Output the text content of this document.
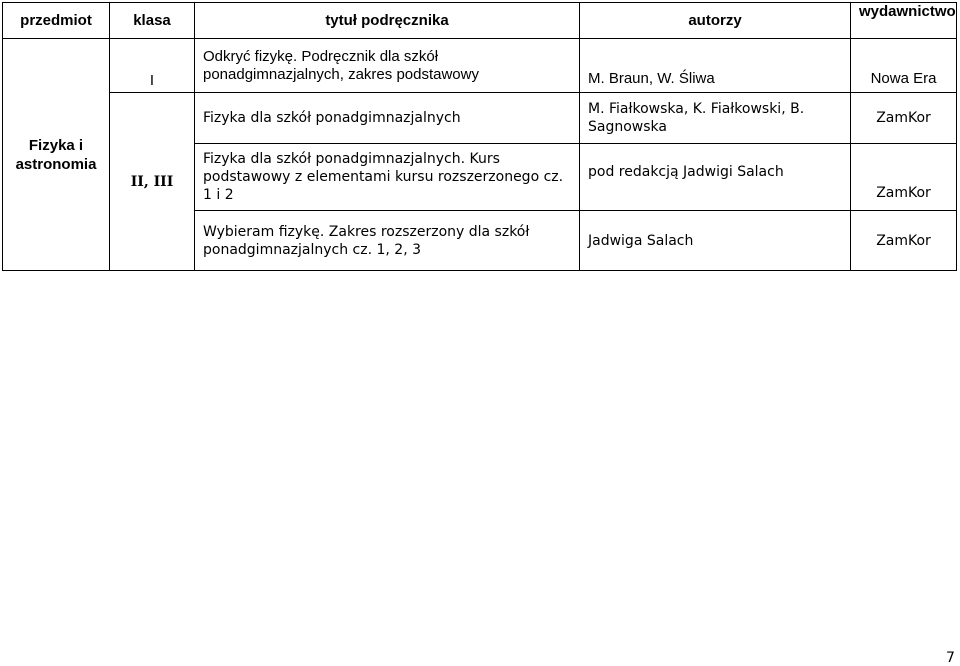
przedmiot	klasa	tytuł podręcznika	autorzy	wydawnictwo
Fizyka i astronomia	I	Odkryć fizykę. Podręcznik dla szkół ponadgimnazjalnych, zakres podstawowy	M. Braun, W. Śliwa	Nowa Era
	II, III	Fizyka dla szkół ponadgimnazjalnych	M. Fiałkowska, K. Fiałkowski, B. Sagnowska	ZamKor
		Fizyka dla szkół ponadgimnazjalnych. Kurs podstawowy z elementami kursu rozszerzonego cz. 1 i 2	pod redakcją Jadwigi Salach	ZamKor
		Wybieram fizykę. Zakres rozszerzony dla szkół ponadgimnazjalnych cz. 1, 2, 3	Jadwiga Salach	ZamKor
7
